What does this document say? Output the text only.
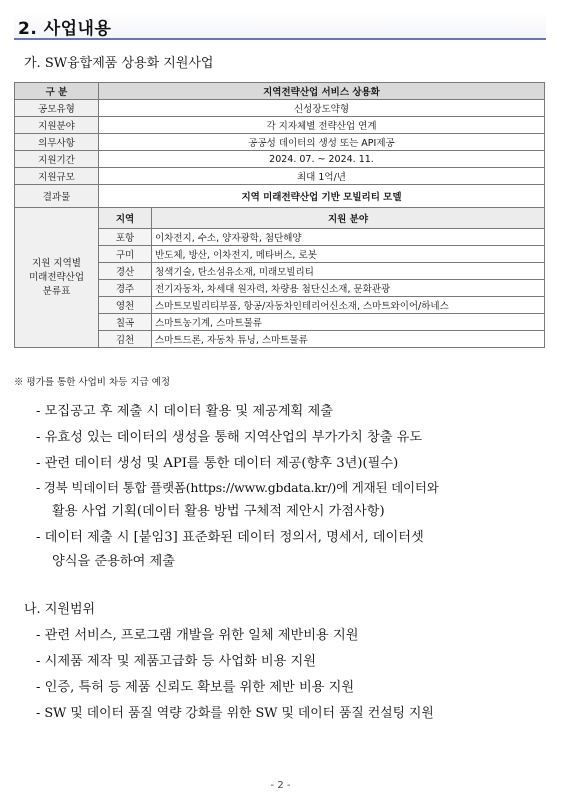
2. 사업내용
가. SW융합제품 상용화 지원사업
구 분	지역전략산업 서비스 상용화	
공모유형	신성장도약형	
지원분야	각 지자체별 전략산업 연계	
의무사항	공공성 데이터의 생성 또는 API제공	
지원기간	2024. 07. ~ 2024. 11.	
지원규모	최대 1억/년	
결과물	지역 미래전략산업 기반 모빌리티 모델	
지원 지역별
미래전략산업
분류표	지역	지원 분야
	포항	이차전지, 수소, 양자광학, 첨단해양
	구미	반도체, 방산, 이차전지, 메타버스, 로봇
	경산	청색기술, 탄소섬유소재, 미래모빌리티
	경주	전기자동차, 차세대 원자력, 차량용 첨단신소재, 문화관광
	영천	스마트모빌리티부품, 항공/자동차인테리어신소재, 스마트와이어/하네스
	칠곡	스마트농기계, 스마트물류
	김천	스마트드론, 자동차 튜닝, 스마트물류
※ 평가를 통한 사업비 차등 지급 예정
- 모집공고 후 제출 시 데이터 활용 및 제공계획 제출
- 유효성 있는 데이터의 생성을 통해 지역산업의 부가가치 창출 유도
- 관련 데이터 생성 및 API를 통한 데이터 제공(향후 3년)(필수)
- 경북 빅데이터 통합 플랫폼(https://www.gbdata.kr/)에 게재된 데이터와
활용 사업 기획(데이터 활용 방법 구체적 제안시 가점사항)
- 데이터 제출 시 [붙임3] 표준화된 데이터 정의서, 명세서, 데이터셋
양식을 준용하여 제출
나. 지원범위
- 관련 서비스, 프로그램 개발을 위한 일체 제반비용 지원
- 시제품 제작 및 제품고급화 등 사업화 비용 지원
- 인증, 특허 등 제품 신뢰도 확보를 위한 제반 비용 지원
- SW 및 데이터 품질 역량 강화를 위한 SW 및 데이터 품질 컨설팅 지원
- 2 -
